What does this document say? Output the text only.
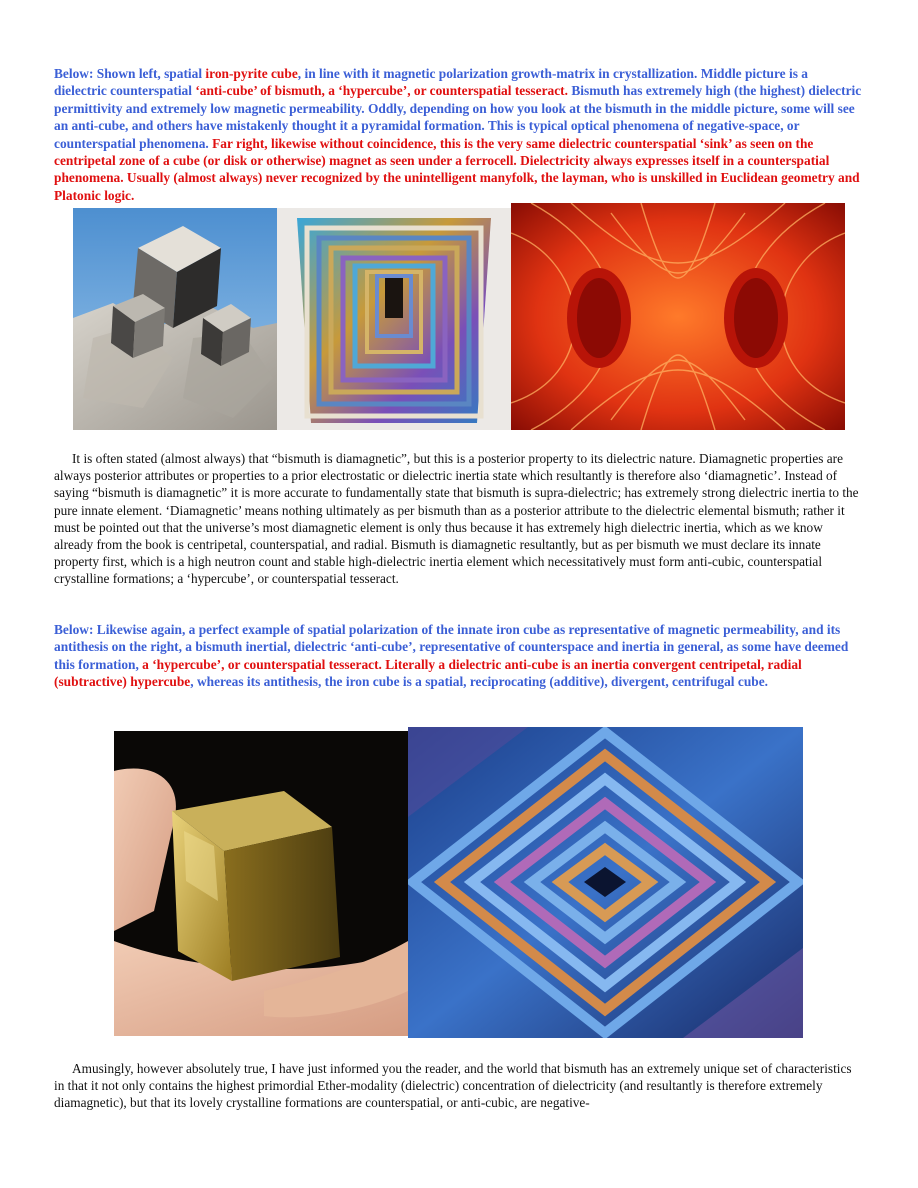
Below: Shown left, spatial iron-pyrite cube, in line with it magnetic polarization growth-matrix in crystallization. Middle picture is a dielectric counterspatial ‘anti-cube’ of bismuth, a ‘hypercube’, or counterspatial tesseract. Bismuth has extremely high (the highest) dielectric permittivity and extremely low magnetic permeability. Oddly, depending on how you look at the bismuth in the middle picture, some will see an anti-cube, and others have mistakenly thought it a pyramidal formation. This is typical optical phenomena of negative-space, or counterspatial phenomena. Far right, likewise without coincidence, this is the very same dielectric counterspatial ‘sink’ as seen on the centripetal zone of a cube (or disk or otherwise) magnet as seen under a ferrocell. Dielectricity always expresses itself in a counterspatial phenomena. Usually (almost always) never recognized by the unintelligent manyfolk, the layman, who is unskilled in Euclidean geometry and Platonic logic.

It is often stated (almost always) that “bismuth is diamagnetic”, but this is a posterior property to its dielectric nature. Diamagnetic properties are always posterior attributes or properties to a prior electrostatic or dielectric inertia state which resultantly is therefore also ‘diamagnetic’. Instead of saying “bismuth is diamagnetic” it is more accurate to fundamentally state that bismuth is supra-dielectric; has extremely strong dielectric inertia to the pure innate element. ‘Diamagnetic’ means nothing ultimately as per bismuth than as a posterior attribute to the dielectric elemental bismuth; rather it must be pointed out that the universe’s most diamagnetic element is only thus because it has extremely high dielectric inertia, which as we know already from the book is centripetal, counterspatial, and radial. Bismuth is diamagnetic resultantly, but as per bismuth we must declare its innate property first, which is a high neutron count and stable high-dielectric inertia element which necessitatively must form anti-cubic, counterspatial crystalline formations; a ‘hypercube’, or counterspatial tesseract.

Below: Likewise again, a perfect example of spatial polarization of the innate iron cube as representative of magnetic permeability, and its antithesis on the right, a bismuth inertial, dielectric ‘anti-cube’, representative of counterspace and inertia in general, as some have deemed this formation, a ‘hypercube’, or counterspatial tesseract. Literally a dielectric anti-cube is an inertia convergent centripetal, radial (subtractive) hypercube, whereas its antithesis, the iron cube is a spatial, reciprocating (additive), divergent, centrifugal cube.

Amusingly, however absolutely true, I have just informed you the reader, and the world that bismuth has an extremely unique set of characteristics in that it not only contains the highest primordial Ether-modality (dielectric) concentration of dielectricity (and resultantly is therefore extremely diamagnetic), but that its lovely crystalline formations are counterspatial, or anti-cubic, are negative-
